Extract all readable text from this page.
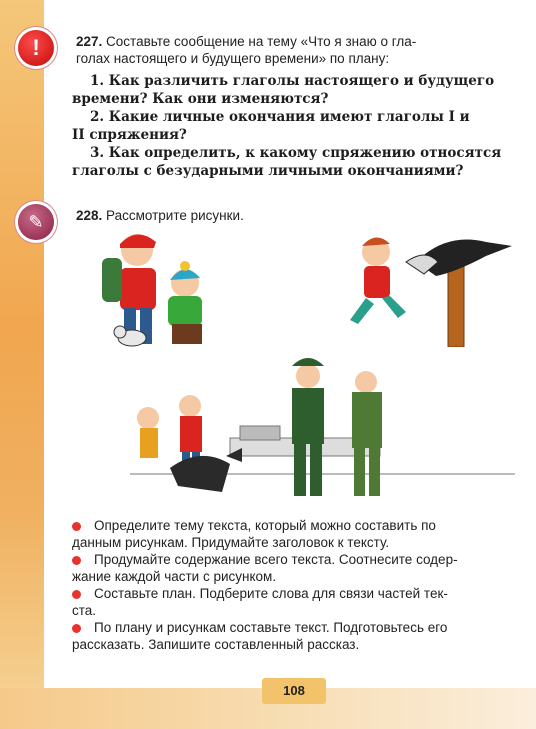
!	227. Составьте сообщение на тему «Что я знаю о гла-
голах настоящего и будущего времени» по плану:
1. Как различить глаголы настоящего и будущего
времени? Как они изменяются?
2. Какие личные окончания имеют глаголы I и
II спряжения?
3. Как определить, к какому спряжению относятся
глаголы с безударными личными окончаниями?
✎	228. Рассмотрите рисунки.
Определите тему текста, который можно составить по
данным рисункам. Придумайте заголовок к тексту.
Продумайте содержание всего текста. Соотнесите содер-
жание каждой части с рисунком.
Составьте план. Подберите слова для связи частей тек-
ста.
По плану и рисункам составьте текст. Подготовьтесь его
рассказать. Запишите составленный рассказ.
108
